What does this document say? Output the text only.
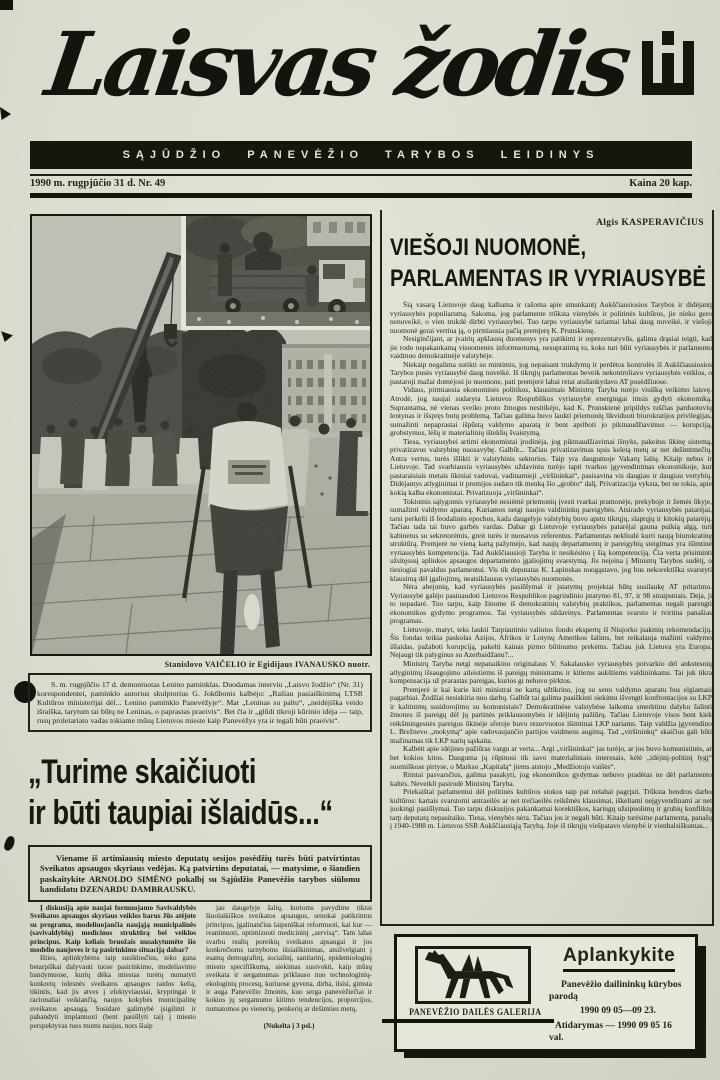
Laisvas žodis
SĄJŪDŽIO PANEVĖŽIO TARYBOS LEIDINYS
1990 m. rugpjūčio 31 d. Nr. 49	Kaina 20 kap.
Stanislovo VAIČELIO ir Egidijaus IVANAUSKO nuotr.

S. m. rugpjūčio 17 d. demontuotas Lenino paminklas. Duodamas interviu „Laisvo žodžio“ (Nr. 31) korespondentei, paminklo autorius skulptorius G. Jokūbonis kalbėjo: „Rašiau pasiaiškinimą LTSR Kultūros ministerijai dėl... Lenino paminklo Panevėžyje“. Mat „Leninas su paltu“, „neidėjiška veido išraiška, tarytum tai būtų ne Leninas, o paprastas praeivis“. Bet čia ir „glūdi tikroji kūrinio idėja — taip, rusų proletariato vadas tokiame mūsų Lietuvos mieste kaip Panevėžys yra ir tegali būti praeivis“.

„Turime skaičiuoti
ir būti taupiai išlaidūs...“

Viename iš artimiausių miesto deputatų sesijos posėdžių turės būti patvirtintas Sveikatos apsaugos skyriaus vedėjas. Ką patvirtins deputatai, — matysime, o šiandien paskaitykite ARNOLDO SIMĖNO pokalbį su Sąjūdžio Panevėžio tarybos siūlomu kandidatu DZENARDU DAMBRAUSKU.

Į diskusiją apie naujai formuojamo Savivaldybės Sveikatos apsaugos skyriaus veiklos barus Jūs atėjote su programa, modeliuojančia naująją municipalinės (savivaldybių) medicinos struktūrą bei veiklos principus. Kaip keliais bruožais nusakytumėte šio modelio naujoves ir tą pasirinkimo situaciją dabar?

Išties, aplinkybėms taip susiklosčius, teko gana betarpiškai dalyvauti tuose pasirinkimo, modeliavimo bandymuose, kurių dėka miestas turėtų numatyti konkretų tolesnės sveikatos apsaugos raidos kelią, tikintis, kad jis atves į efektyviausiai, kryptingai ir racionaliai veikiančią, naujos kokybės municipalinę sveikatos apsaugą. Susidarė galimybė įsigilinti ir pabandyti implantuoti (bent pasiūlyti tai) į miesto perspektyvas tuos mums naujus, nors šiaip

jau daugelyje šalių, kurioms pavydime tikrai šiuolaikiškos sveikatos apsaugos, senokai patikrintus principus, įgalinančius laipsniškai reformuoti, kai kur — reanimuoti, optimizuoti medicininį „servisą“. Tam labai svarbu realių poreikių sveikatos apsaugai ir jos konkrečioms tarnyboms išsiaiškinimas, atsižvelgiant į esamą demografinį, socialinį, sanitarinį, epidemiologinį miesto specifiškumą, siekimas susivokti, kaip mūsų sveikata ir sergamumas priklauso nuo technologinių-ekologinių procesų, kuriuose gyvena, dirba, ilsisi, gimsta ir auga Panevėžio žmonės, kuo serga panevėžiečiai ir kokios jų sergamumo kitimo tendencijos, proporcijos, numatomos po vienerių, penkerių ar dešimties metų,

(Nukelta į 3 psl.)

Algis KASPERAVIČIUS
VIEŠOJI NUOMONĖ,
PARLAMENTAS IR VYRIAUSYBĖ

Šią vasarą Lietuvoje daug kalbama ir rašoma apie smunkantį Aukščiausiosios Tarybos ir didėjantį vyriausybės populiarumą. Sakoma, jog parlamente trūksta vienybės ir politinės kultūros, jie nieko gero nenuveikė, o vien trukdė dirbti vyriausybei. Tuo tarpu vyriausybė tariamai labai daug nuveikė, ir viešoji nuomonė gerai vertina ją, o pirmiausia pačią premjerę K. Prunskienę.

Nesiginčijant, ar įvairių apklausų duomenys yra patikimi ir reprezentatyvūs, galima drąsiai teigti, kad jie rodo nepakankamą visuomenės informuotumą, nesupratimą to, koks turi būti vyriausybės ir parlamento vaidmuo demokratinėje valstybėje.

Niekaip negalima sutikti su mintimis, jog nepaisant trukdymų ir perdėtos kontrolės iš Aukščiausiosios Tarybos pusės vyriausybė daug nuveikė. Iš tikrųjų parlamentas beveik nekontroliavo vyriausybės veiklos, o pastaroji mažai domėjosi jo nuomone, pati premjerė labai retai atsilankydavo AT posėdžiuose.

Vidaus, pirmiausia ekonominės politikos, klausimais Ministrų Taryba turėjo visišką veikimo laisvę. Atrodė, jog naujai sudaryta Lietuvos Respublikos vyriausybė energingai imsis gydyti ekonomiką. Suprantama, nė vienas sveiko proto žmogus nesitikėjo, kad K. Prunskienė pripildys tuščias parduotuvių lentynas ir išspręs butų problemą. Tačiau galima buvo laukti priemonių likviduoti biurokratijos privilegijas, sumažinti nepaprastai išpūstą valdymo aparatą ir bent apriboti jo piktnaudžiavimus — korupciją, grobstymus, lėšų ir materialinių išteklių švaistymą.

Tiesa, vyriausybei artimi ekonomistai įrodinėja, jog piktnaudžiavimai išnyks, pakeitus ūkinę sistemą, privatizavus valstybinę nuosavybę. Galbūt... Tačiau privatizavimas tęsis keletą metų ar net dešimtmečių. Antra vertus, turės išlikti ir valstybinis sektorius. Taip yra daugumoje Vakarų šalių. Kitaip nebus ir Lietuvoje. Tad svarbiausiu vyriausybės uždaviniu turėjo tapti tvarkos įgyvendinimas ekonomikoje, kur pastaraisiais metais ūkiniai vadovai, vadinamieji „viršininkai“, pasisavina vis daugiau ir daugiau vertybių. Didėjantys atlyginimai ir premijos sudaro tik menką šio „grobio“ dalį. Privatizacija vyksta, bet ne tokia, apie kokią kalba ekonomistai. Privatizuoja „viršininkai“.

Tokiomis sąlygomis vyriausybė nesiėmė priemonių įvesti tvarkai pramonėje, prekyboje ir žemės ūkyje, sumažinti valdymo aparatą. Kuriamos netgi naujos valdininkų pareigybės. Atsirado vyriausybės patarėjai, tarsi perkelti iš feodalinės epochos, kada daugelyje valstybių buvo apstu tikrųjų, slaptųjų ir kitokių patarėjų. Tačiau tada tai buvo garbės vardas. Dabar gi Lietuvoje vyriausybės patarėjai gauna puikią algą, turi kabinetus su sekretorėmis, greit turės ir nuosavus referentus. Parlamentas nekliudė kurti naują biurokratinę struktūrą. Premjerė ne vieną kartą pažymėjo, kad naujų departamentų ir pareigybių steigimas yra išimtinė vyriausybės kompetencija. Tad Aukščiausioji Taryba ir nesikėsino į šią kompetenciją. Čia verta prisiminti užsitęsusį aplinkos apsaugos departamento įgaliojimų svarstymą. Jis neįeina į Ministrų Tarybos sudėtį, o tiesiogiai pavaldus parlamentui. Vis tik deputatas K. Lapinskas nuogąstavo, jog bus nekorektiška svarstyti klausimą dėl įgaliojimų, neatsiklausus vyriausybės nuomonės.

Nėra abejonių, kad vyriausybės pasiūlymai ir įstatymų projektai būtų susilaukę AT pritarimo. Vyriausybė galėjo pasinaudoti Lietuvos Respublikos pagrindinio įstatymo 81, 97, ir 98 straipsniais. Deja, ji to nepadarė. Tuo tarpu, kaip žinome iš demokratinių valstybių praktikos, parlamentas negali parengti ekonomikos gydymo programos. Tai vyriausybės uždavinys. Parlamentas svarsto ir tvirtina panašias programas.

Lietuvoje, matyt, teks laukti Tarptautinio valiutos fondo ekspertų iš Niujorko įsakmių rekomendacijų. Šis fondas teikia paskolas Azijos, Afrikos ir Lotynų Amerikos šalims, bet reikalauja mažinti valdymo išlaidas, pažaboti korupciją, pakelti kainas pirmo būtinumo prekėms. Tačiau juk Lietuva yra Europa. Nejaugi tik palyginus su Azerbaidžanu?...

Ministrų Taryba netgi nepanaikino originalaus V. Sakalausko vyriausybės potvarkio dėl ankstesnių atlyginimų išsaugojimo atleistiems iš pareigų ministrams ir kitiems aukštiems valdininkams. Tai juk tikra kompensacija už prarastas pareigas, kurios gi nebuvo pirktos.

Premjerė ir kai kurie kiti ministrai ne kartą užtikrino, jog su senu valdymo aparatu bus elgiamasi pagarbiai. Žodžiai nesiskiria nuo darbų. Galbūt tai galima paaiškinti siekimu išvengti konfrontacijos su LKP ir kaltinimų susidorojimu su komunistais? Demokratinėse valstybėse laikoma smerktinu dalyku šalinti žmones iš pareigų dėl jų partinės priklausomybės ir idėjinių pažiūrų. Tačiau Lietuvoje visos bent kiek reikšmingesnės pareigos ūkinėje sferoje buvo rezervuotos išimtinai LKP nariams. Taip valdžia įgyvendino L. Brežnevo „mokymą“ apie vadovaujančio partijos vaidmens augimą. Tad „viršininkų“ skaičius gali būti mažinamas tik LKP narių sąskaita.

Kalbėti apie idėjines pažiūras vargu ar verta... Argi „viršininkai“ jas turėjo, ar jos buvo komunistinės, ar bet kokios kitos. Dauguma jų rūpinosi tik savo materialiniais interesais, kėlė „idėjinį-politinį lygį“ suomiškose pirtyse, o Markso „Kapitalą“ jiems atstojo „Medžiotojo vaišės“.

Rimtai pasvarsčius, galima pasakyti, jog ekonomikos gydymas nebuvo pradėtas ne dėl parlamento kaltės. Neveikli pasirodė Ministrų Taryba.

Priekaištai parlamentui dėl politinės kultūros stokos taip pat nelabai pagrįsti. Trūksta bendros darbo kultūros: kartais svarstomi antraeilės ar net trečiaeilės reikšmės klausimai, iškeliami neįgyvendinami ar net juokingi pasiūlymai. Tuo tarpu diskusijos pakankamai korektiškos, karingų užsipuolimų ir grubių konfliktų tarp deputatų nepasitaiko. Tiesa, vienybės nėra. Tačiau jos ir negali būti. Kitaip turėsime parlamentą, panašų į 1940-1988 m. Lietuvos SSR Aukščiausiąją Tarybą. Joje iš tikrųjų viešpatavo vienybė ir vienbalsiškumas...

PANEVĖŽIO DAILĖS GALERIJA
Aplankykite
Panevėžio dailininkų kūrybos parodą
1990 09 05—09 23.
Atidarymas — 1990 09 05 16 val.
